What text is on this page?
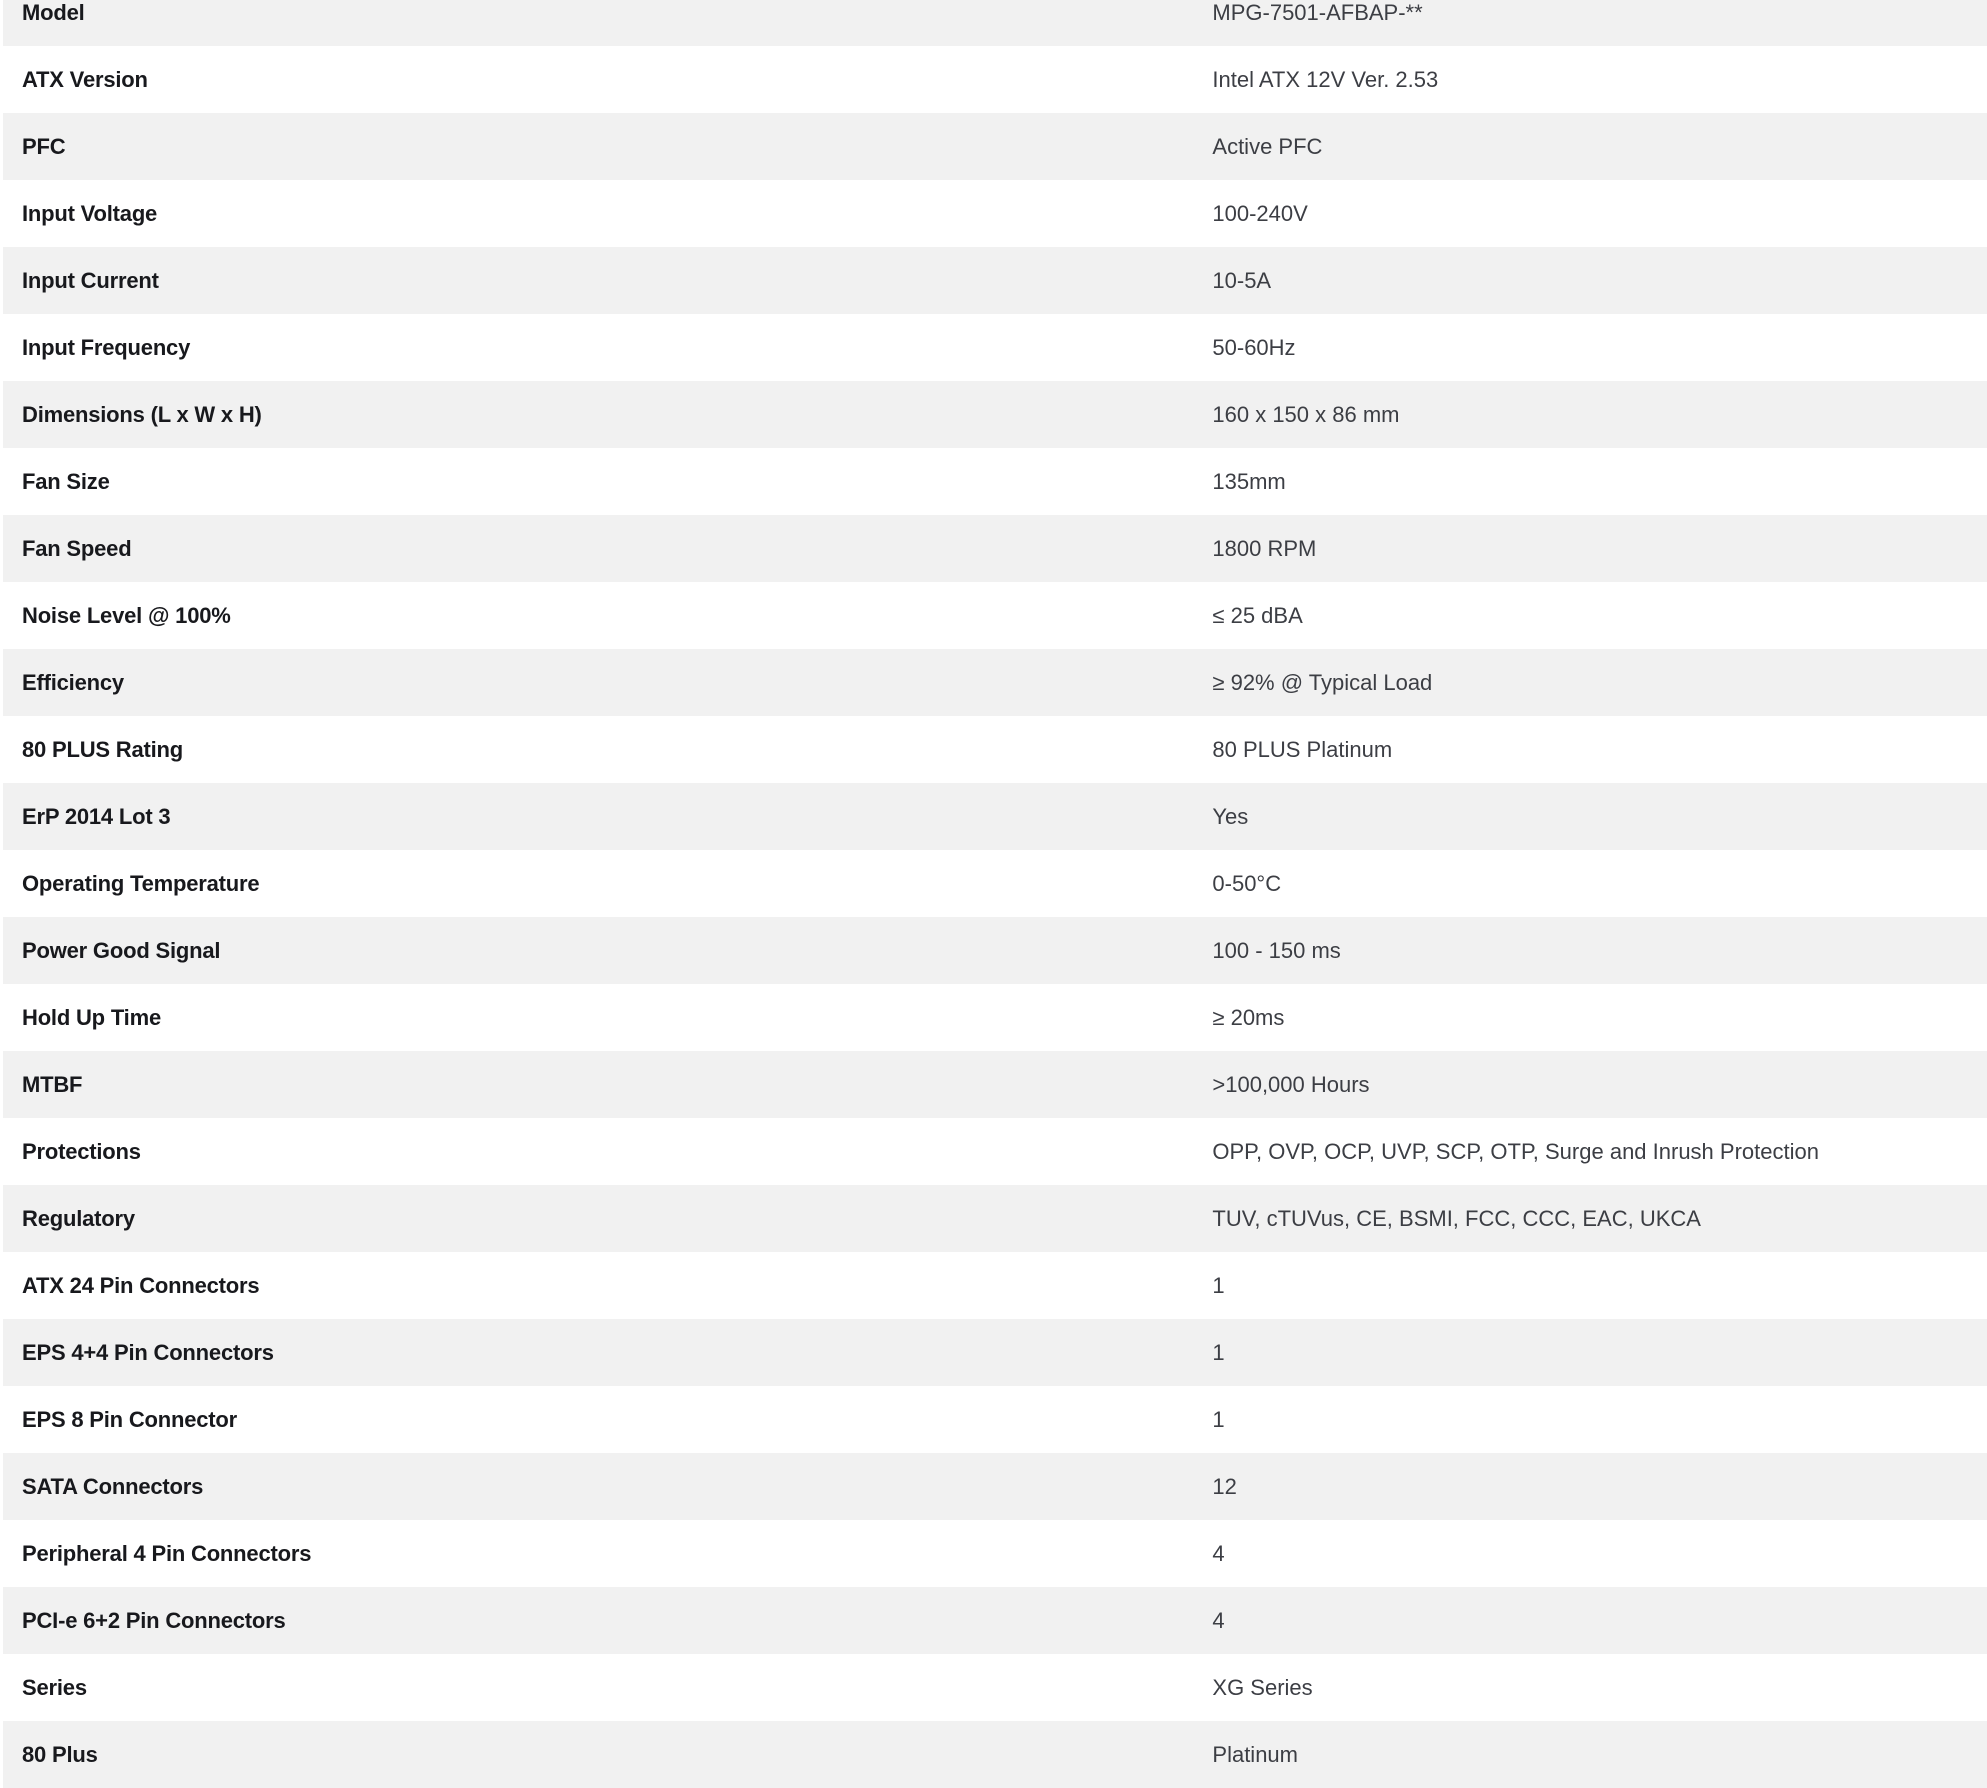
Model	MPG-7501-AFBAP-**
ATX Version	Intel ATX 12V Ver. 2.53
PFC	Active PFC
Input Voltage	100-240V
Input Current	10-5A
Input Frequency	50-60Hz
Dimensions (L x W x H)	160 x 150 x 86 mm
Fan Size	135mm
Fan Speed	1800 RPM
Noise Level @ 100%	≤ 25 dBA
Efficiency	≥ 92% @ Typical Load
80 PLUS Rating	80 PLUS Platinum
ErP 2014 Lot 3	Yes
Operating Temperature	0-50°C
Power Good Signal	100 - 150 ms
Hold Up Time	≥ 20ms
MTBF	>100,000 Hours
Protections	OPP, OVP, OCP, UVP, SCP, OTP, Surge and Inrush Protection
Regulatory	TUV, cTUVus, CE, BSMI, FCC, CCC, EAC, UKCA
ATX 24 Pin Connectors	1
EPS 4+4 Pin Connectors	1
EPS 8 Pin Connector	1
SATA Connectors	12
Peripheral 4 Pin Connectors	4
PCI-e 6+2 Pin Connectors	4
Series	XG Series
80 Plus	Platinum
